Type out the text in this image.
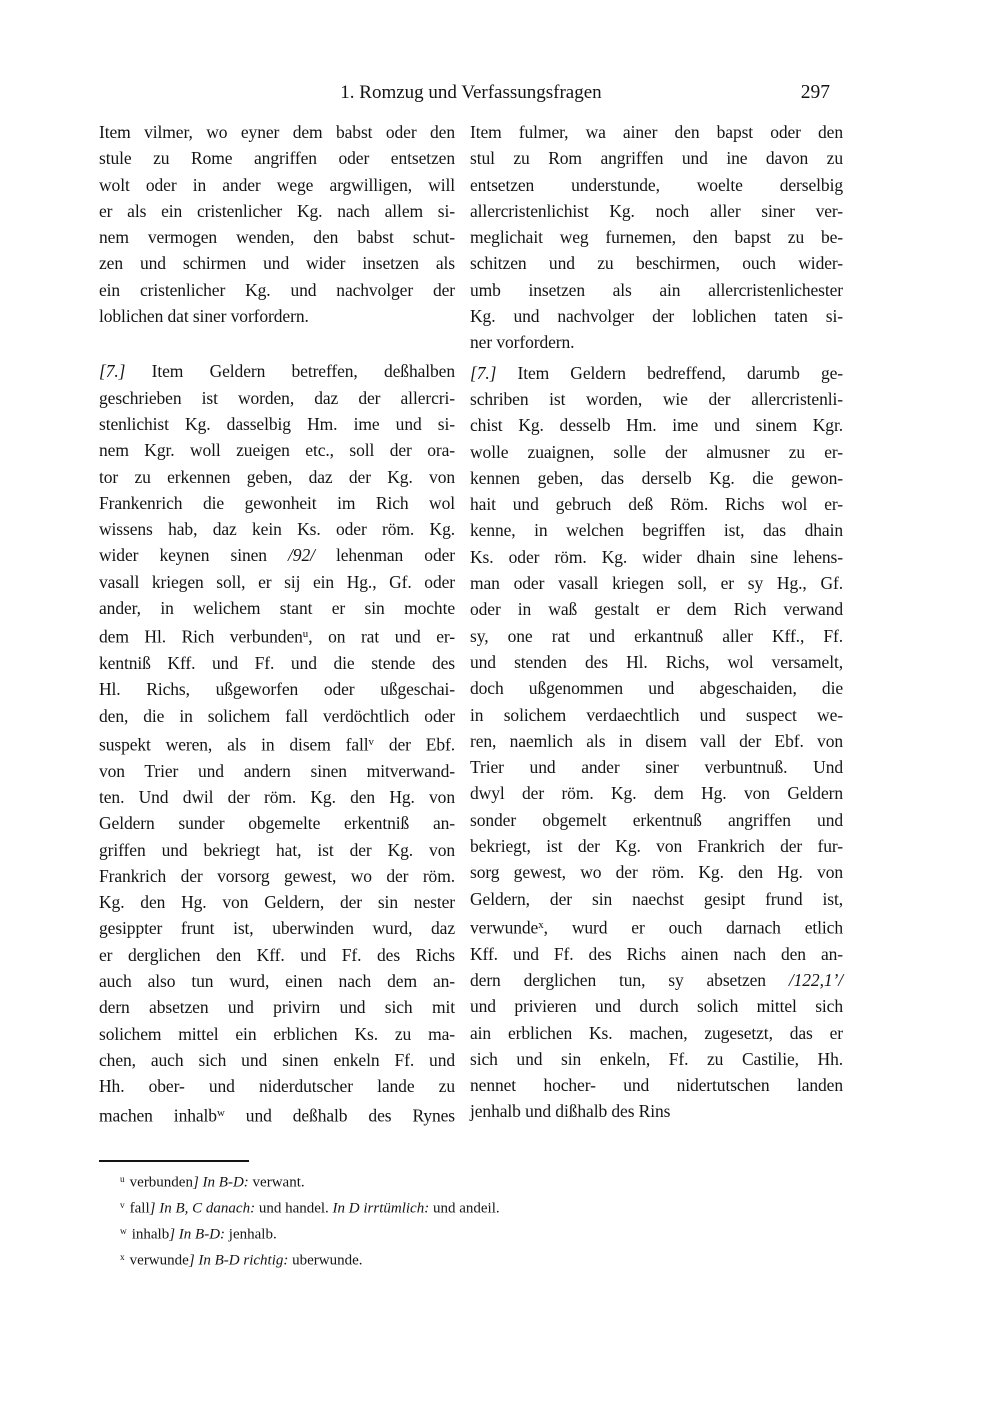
1. Romzug und Verfassungsfragen	297
Item vilmer, wo eyner dem babst oder den
stule zu Rome angriffen oder entsetzen
wolt oder in ander wege argwilligen, will
er als ein cristenlicher Kg. nach allem si-
nem vermogen wenden, den babst schut-
zen und schirmen und wider insetzen als
ein cristenlicher Kg. und nachvolger der
loblichen dat siner vorfordern.
[7.] Item Geldern betreffen, deßhalben
geschrieben ist worden, daz der allercri-
stenlichist Kg. dasselbig Hm. ime und si-
nem Kgr. woll zueigen etc., soll der ora-
tor zu erkennen geben, daz der Kg. von
Frankenrich die gewonheit im Rich wol
wissens hab, daz kein Ks. oder röm. Kg.
wider keynen sinen /92/ lehenman oder
vasall kriegen soll, er sij ein Hg., Gf. oder
ander, in welichem stant er sin mochte
dem Hl. Rich verbunden$^u$, on rat und er-
kentniß Kff. und Ff. und die stende des
Hl. Richs, ußgeworfen oder ußgeschai-
den, die in solichem fall verdöchtlich oder
suspekt weren, als in disem fall$^v$ der Ebf.
von Trier und andern sinen mitverwand-
ten. Und dwil der röm. Kg. den Hg. von
Geldern sunder obgemelte erkentniß an-
griffen und bekriegt hat, ist der Kg. von
Frankrich der vorsorg gewest, wo der röm.
Kg. den Hg. von Geldern, der sin nester
gesippter frunt ist, uberwinden wurd, daz
er derglichen den Kff. und Ff. des Richs
auch also tun wurd, einen nach dem an-
dern absetzen und privirn und sich mit
solichem mittel ein erblichen Ks. zu ma-
chen, auch sich und sinen enkeln Ff. und
Hh. ober- und niderdutscher lande zu
machen inhalb$^w$ und deßhalb des Rynes
Item fulmer, wa ainer den bapst oder den
stul zu Rom angriffen und ine davon zu
entsetzen understunde, woelte derselbig
allercristenlichist Kg. noch aller siner ver-
meglichait weg furnemen, den bapst zu be-
schitzen und zu beschirmen, ouch wider-
umb insetzen als ain allercristenlichester
Kg. und nachvolger der loblichen taten si-
ner vorfordern.
[7.] Item Geldern bedreffend, darumb ge-
schriben ist worden, wie der allercristenli-
chist Kg. desselb Hm. ime und sinem Kgr.
wolle zuaignen, solle der almusner zu er-
kennen geben, das derselb Kg. die gewon-
hait und gebruch deß Röm. Richs wol er-
kenne, in welchen begriffen ist, das dhain
Ks. oder röm. Kg. wider dhain sine lehens-
man oder vasall kriegen soll, er sy Hg., Gf.
oder in waß gestalt er dem Rich verwand
sy, one rat und erkantnuß aller Kff., Ff.
und stenden des Hl. Richs, wol versamelt,
doch ußgenommen und abgeschaiden, die
in solichem verdaechtlich und suspect we-
ren, naemlich als in disem vall der Ebf. von
Trier und ander siner verbuntnuß. Und
dwyl der röm. Kg. dem Hg. von Geldern
sonder obgemelt erkentnuß angriffen und
bekriegt, ist der Kg. von Frankrich der fur-
sorg gewest, wo der röm. Kg. den Hg. von
Geldern, der sin naechst gesipt frund ist,
verwunde$^x$, wurd er ouch darnach etlich
Kff. und Ff. des Richs ainen nach den an-
dern derglichen tun, sy absetzen /122,1’/
und privieren und durch solich mittel sich
ain erblichen Ks. machen, zugesetzt, das er
sich und sin enkeln, Ff. zu Castilie, Hh.
nennet hocher- und nidertutschen landen
jenhalb und dißhalb des Rins
$^u$ verbunden] In B-D: verwant.
$^v$ fall] In B, C danach: und handel. In D irrtümlich: und andeil.
$^w$ inhalb] In B-D: jenhalb.
$^x$ verwunde] In B-D richtig: uberwunde.
